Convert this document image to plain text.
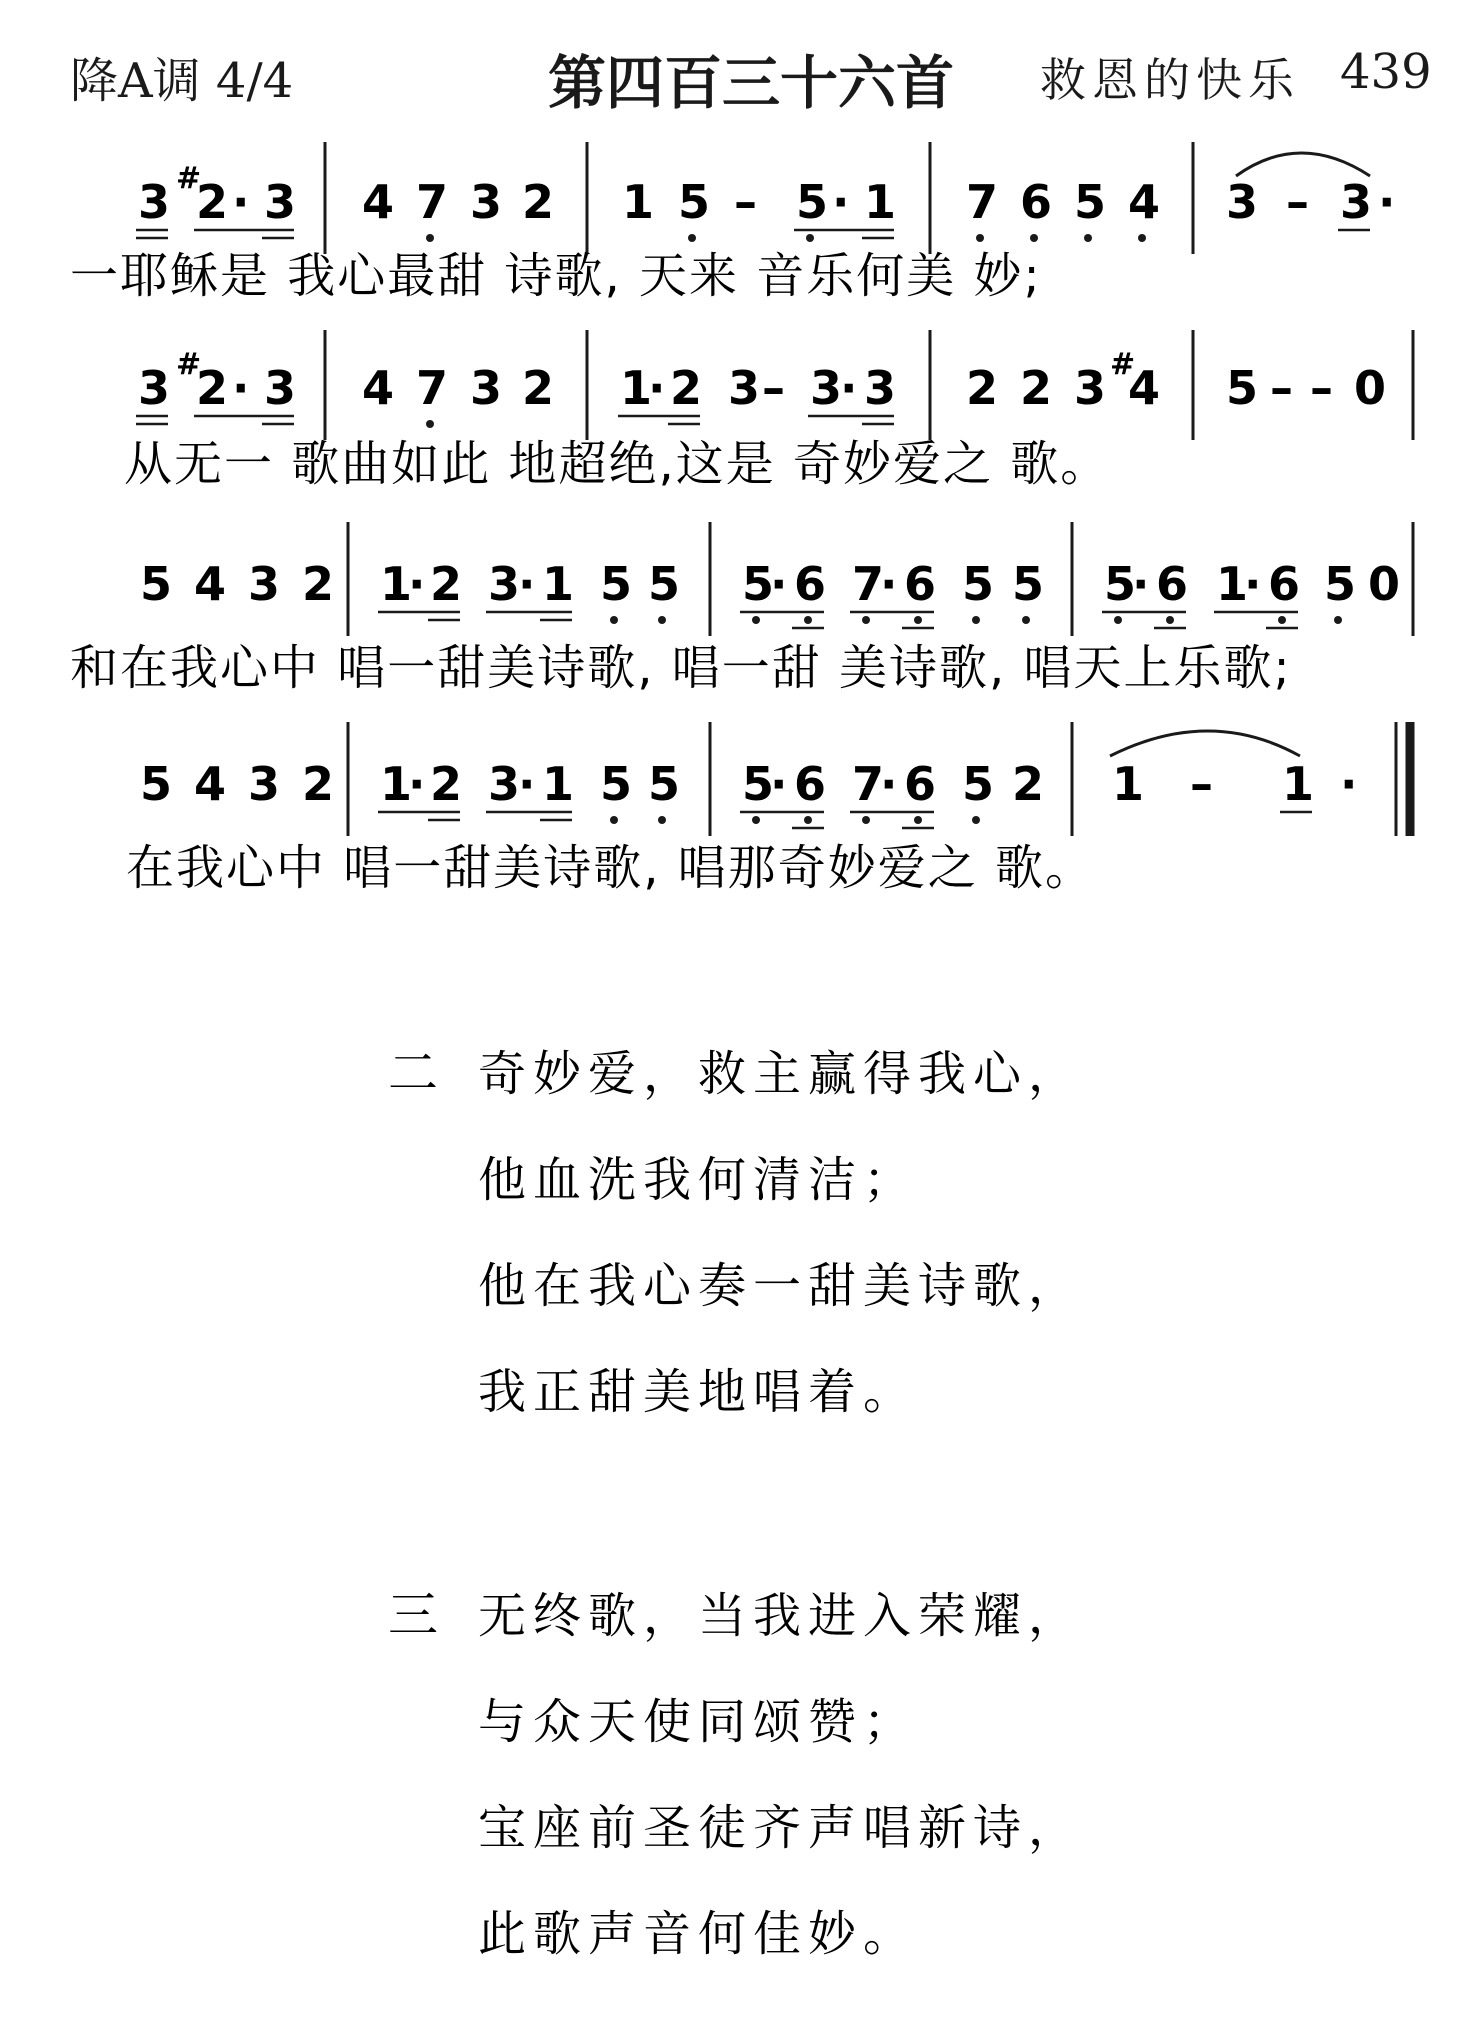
降A调 4/4	第四百三十六首 救恩的快乐 439
3 #
2 · 3 4 7 3 2 1 5 – 5 · 1 7 6 5 4 3 – 3 ·
一耶稣是 我心最甜 诗歌, 天来 音乐何美 妙;
3 #
2 · 3 4 7 3 2 1
· 2 3 – 3
· 3 2 2 3 #
4 5 – – 0
从无一 歌曲如此 地超绝,这是 奇妙爱之 歌。
5 4 3 2 1
· 2 3
· 1 5 5 5
· 6 7
· 6 5 5 5
· 6 1
· 6 5 0
和在我心中 唱一甜美诗歌, 唱一甜 美诗歌, 唱天上乐歌;
5 4 3 2 1
· 2 3
· 1 5 5 5
· 6 7
· 6 5 2 1 – 1 ·
在我心中 唱一甜美诗歌, 唱那奇妙爱之 歌。
二 奇妙爱，救主赢得我心，
他血洗我何清洁；
他在我心奏一甜美诗歌，
我正甜美地唱着。
三 无终歌，当我进入荣耀，
与众天使同颂赞；
宝座前圣徒齐声唱新诗，
此歌声音何佳妙。
